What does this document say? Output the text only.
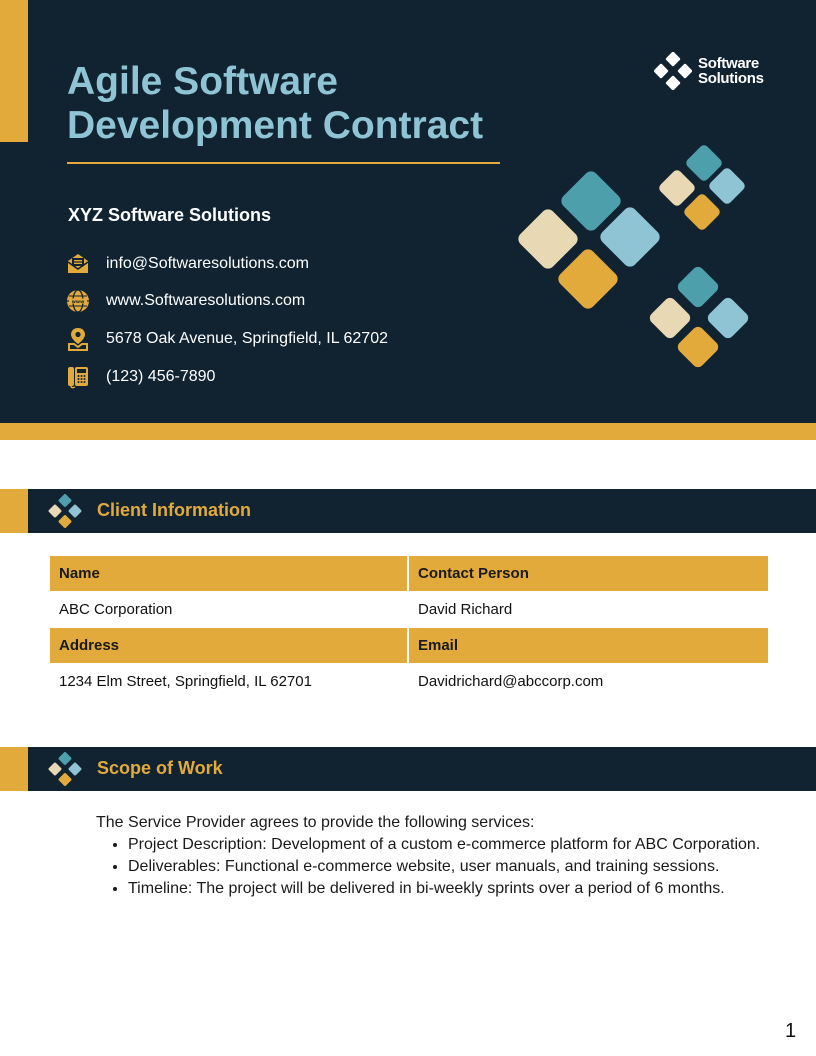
Agile Software Development Contract
XYZ Software Solutions
info@Softwaresolutions.com
www www.Softwaresolutions.com
5678 Oak Avenue, Springfield, IL 62702
(123) 456-7890
Software
Solutions
Client Information
Name	Contact Person
ABC Corporation	David Richard
Address	Email
1234 Elm Street, Springfield, IL 62701	Davidrichard@abccorp.com
Scope of Work
The Service Provider agrees to provide the following services:
• Project Description: Development of a custom e-commerce platform for ABC Corporation.
• Deliverables: Functional e-commerce website, user manuals, and training sessions.
• Timeline: The project will be delivered in bi-weekly sprints over a period of 6 months.
1
